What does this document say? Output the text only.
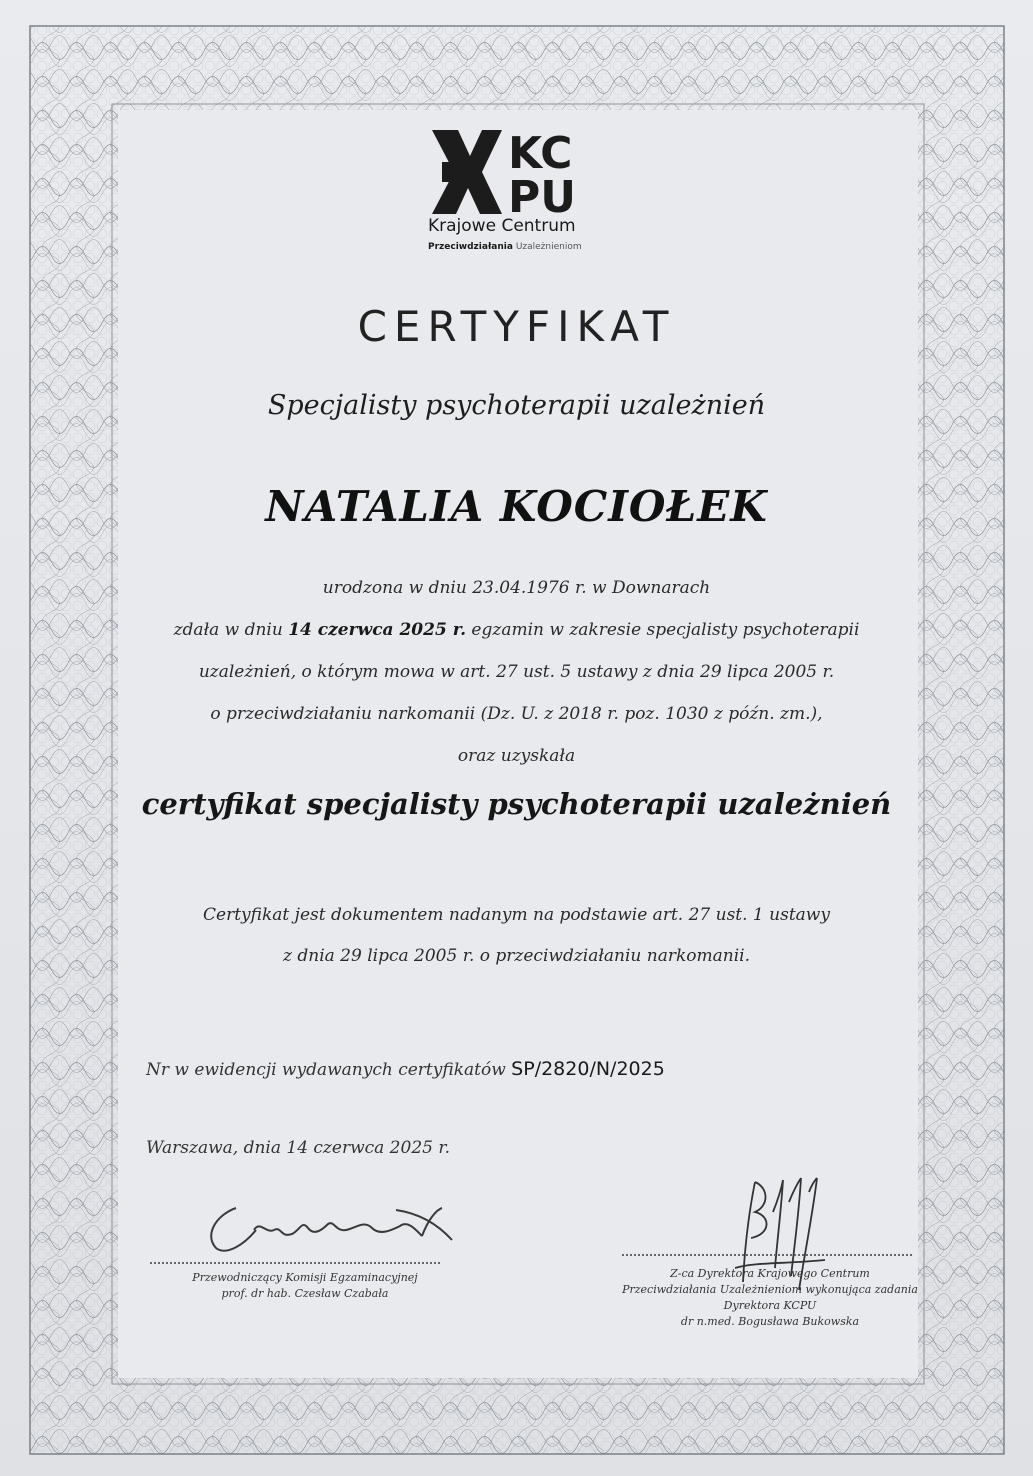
KC
PU
Krajowe Centrum
Przeciwdziałania Uzależnieniom
CERTYFIKAT
Specjalisty psychoterapii uzależnień
NATALIA KOCIOŁEK
urodzona w dniu 23.04.1976 r. w Downarach
zdała w dniu 14 czerwca 2025 r. egzamin w zakresie specjalisty psychoterapii
uzależnień, o którym mowa w art. 27 ust. 5 ustawy z dnia 29 lipca 2005 r.
o przeciwdziałaniu narkomanii (Dz. U. z 2018 r. poz. 1030 z późn. zm.),
oraz uzyskała
certyfikat specjalisty psychoterapii uzależnień
Certyfikat jest dokumentem nadanym na podstawie art. 27 ust. 1 ustawy
z dnia 29 lipca 2005 r. o przeciwdziałaniu narkomanii.
Nr w ewidencji wydawanych certyfikatów SP/2820/N/2025
Warszawa, dnia 14 czerwca 2025 r.
Przewodniczący Komisji Egzaminacyjnej
prof. dr hab. Czesław Czabała
Z-ca Dyrektora Krajowego Centrum
Przeciwdziałania Uzależnieniom wykonująca zadania
Dyrektora KCPU
dr n.med. Bogusława Bukowska
